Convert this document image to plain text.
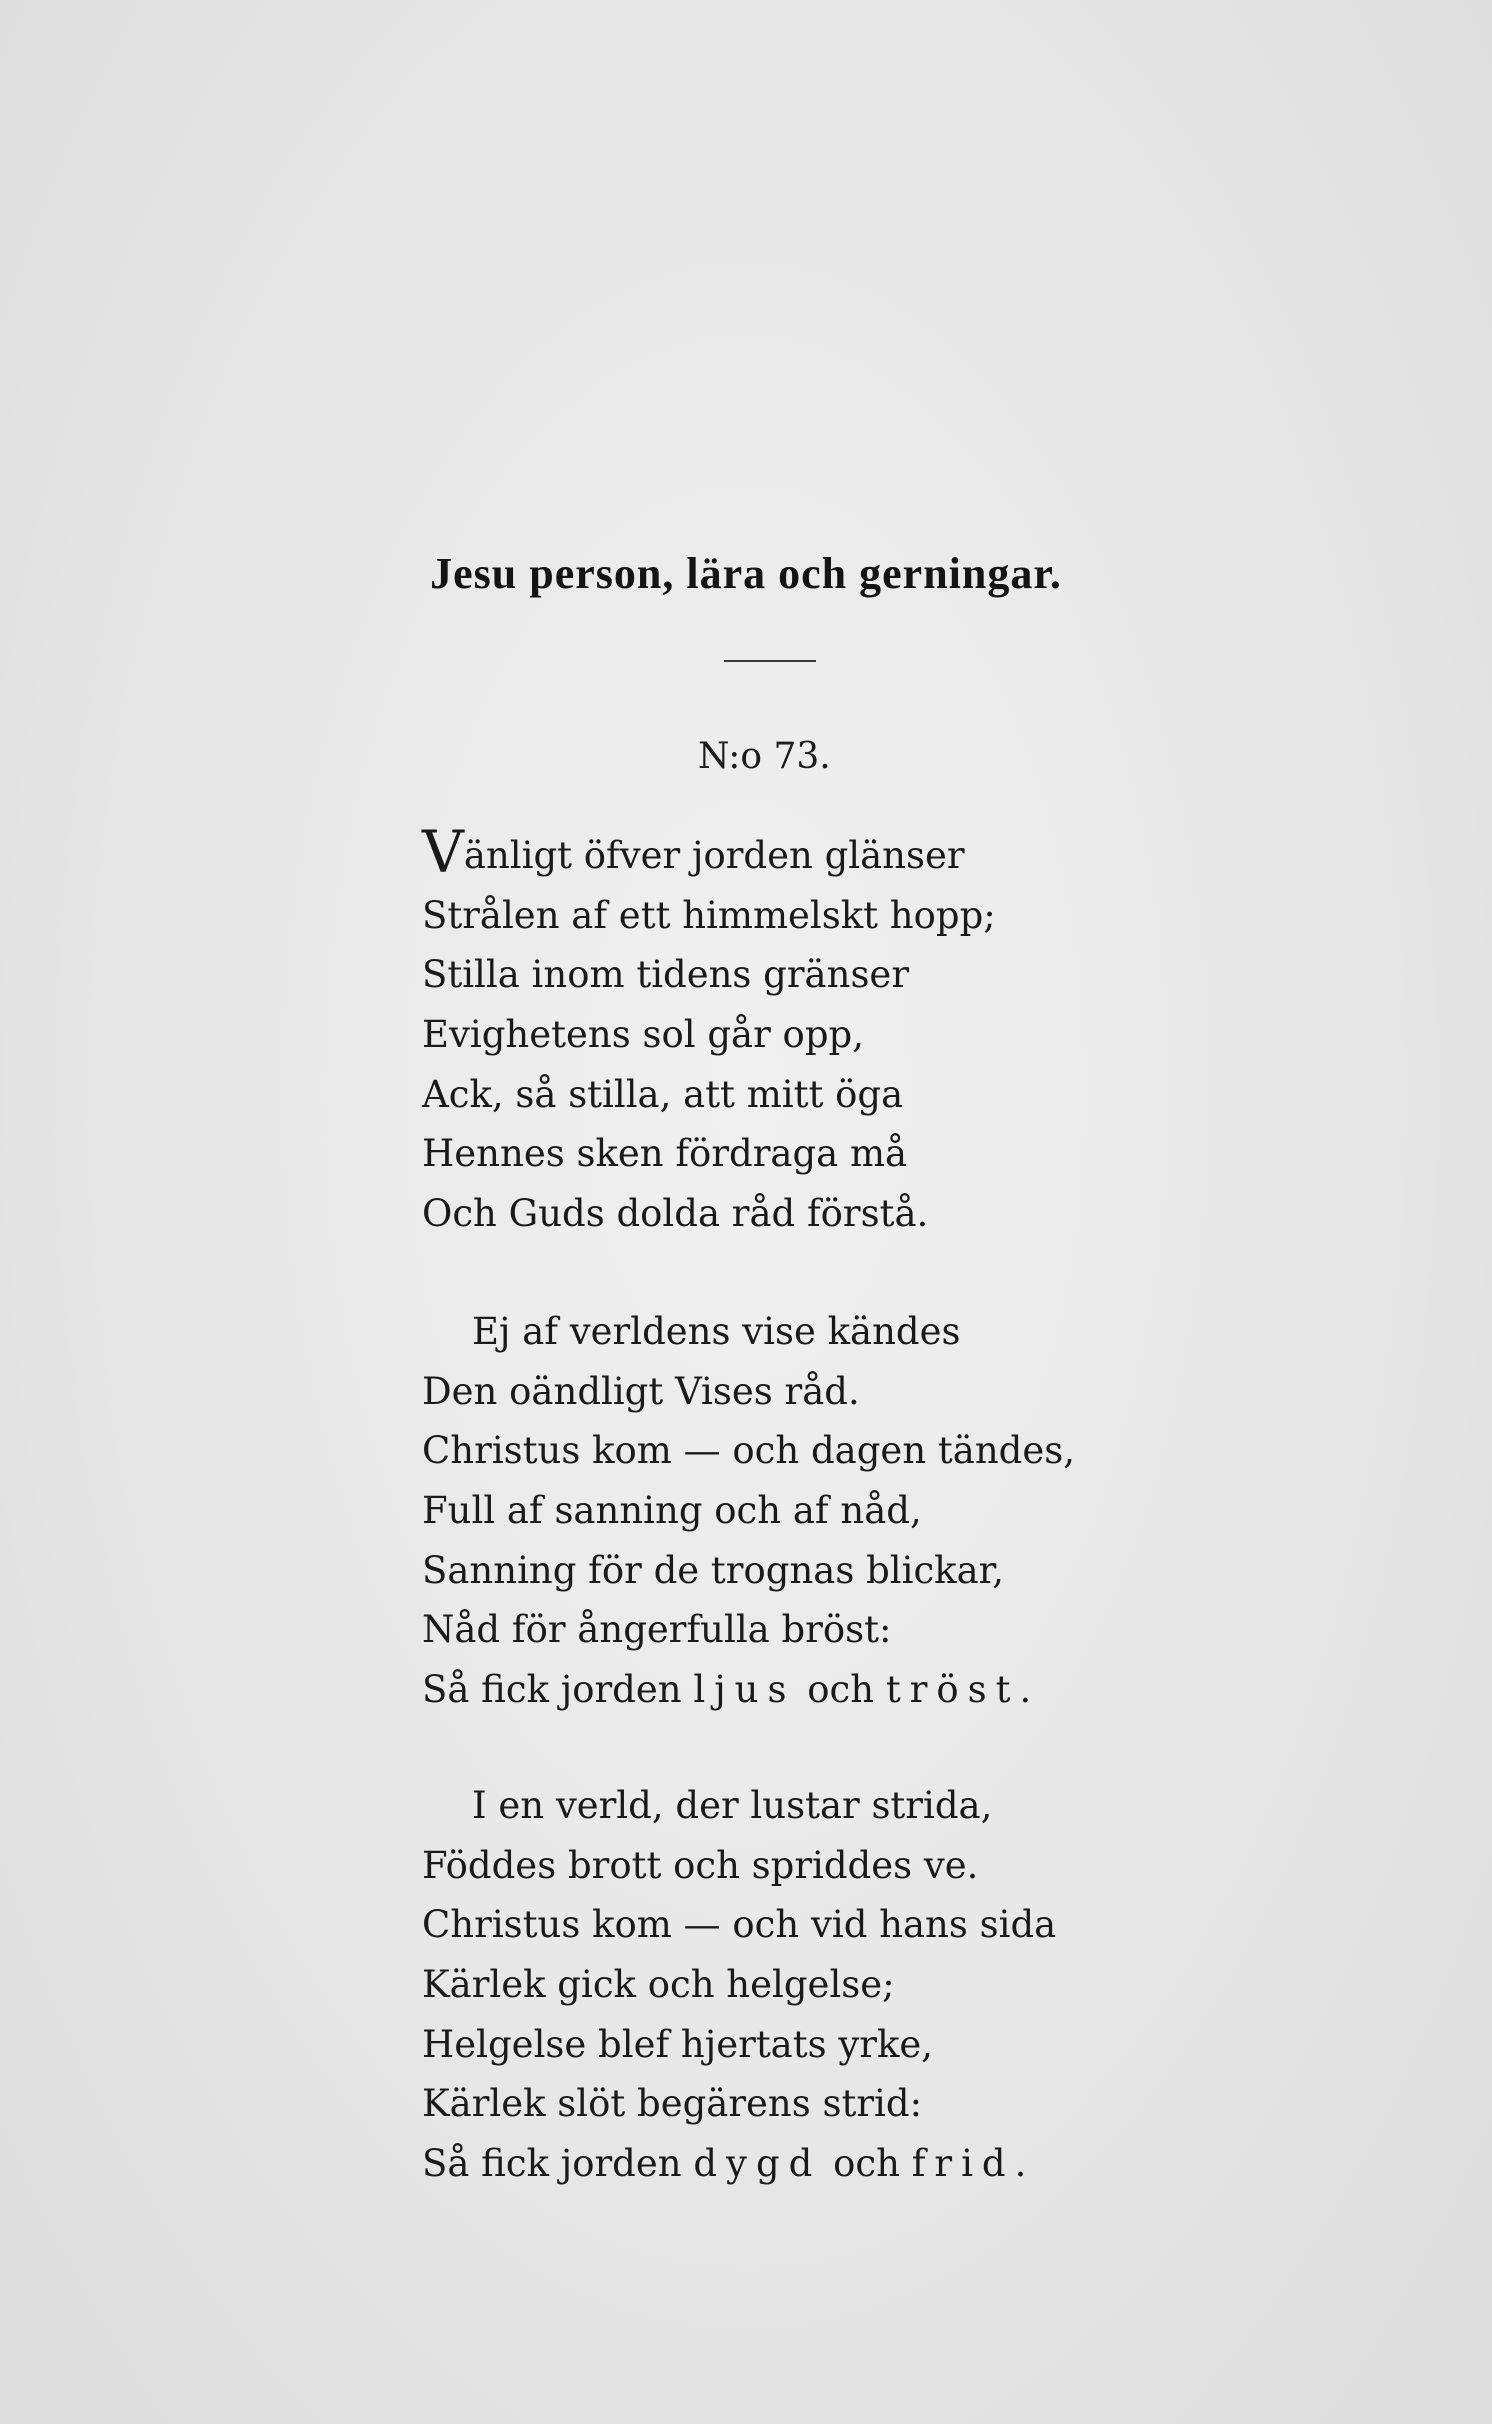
Jesu person, lära och gerningar.
N:o 73.
Vänligt öfver jorden glänser
Strålen af ett himmelskt hopp;
Stilla inom tidens gränser
Evighetens sol går opp,
Ack, så stilla, att mitt öga
Hennes sken fördraga må
Och Guds dolda råd förstå.
Ej af verldens vise kändes
Den oändligt Vises råd.
Christus kom — och dagen tändes,
Full af sanning och af nåd,
Sanning för de trognas blickar,
Nåd för ångerfulla bröst:
Så fick jorden ljus och tröst.
I en verld, der lustar strida,
Föddes brott och spriddes ve.
Christus kom — och vid hans sida
Kärlek gick och helgelse;
Helgelse blef hjertats yrke,
Kärlek slöt begärens strid:
Så fick jorden dygd och frid.
